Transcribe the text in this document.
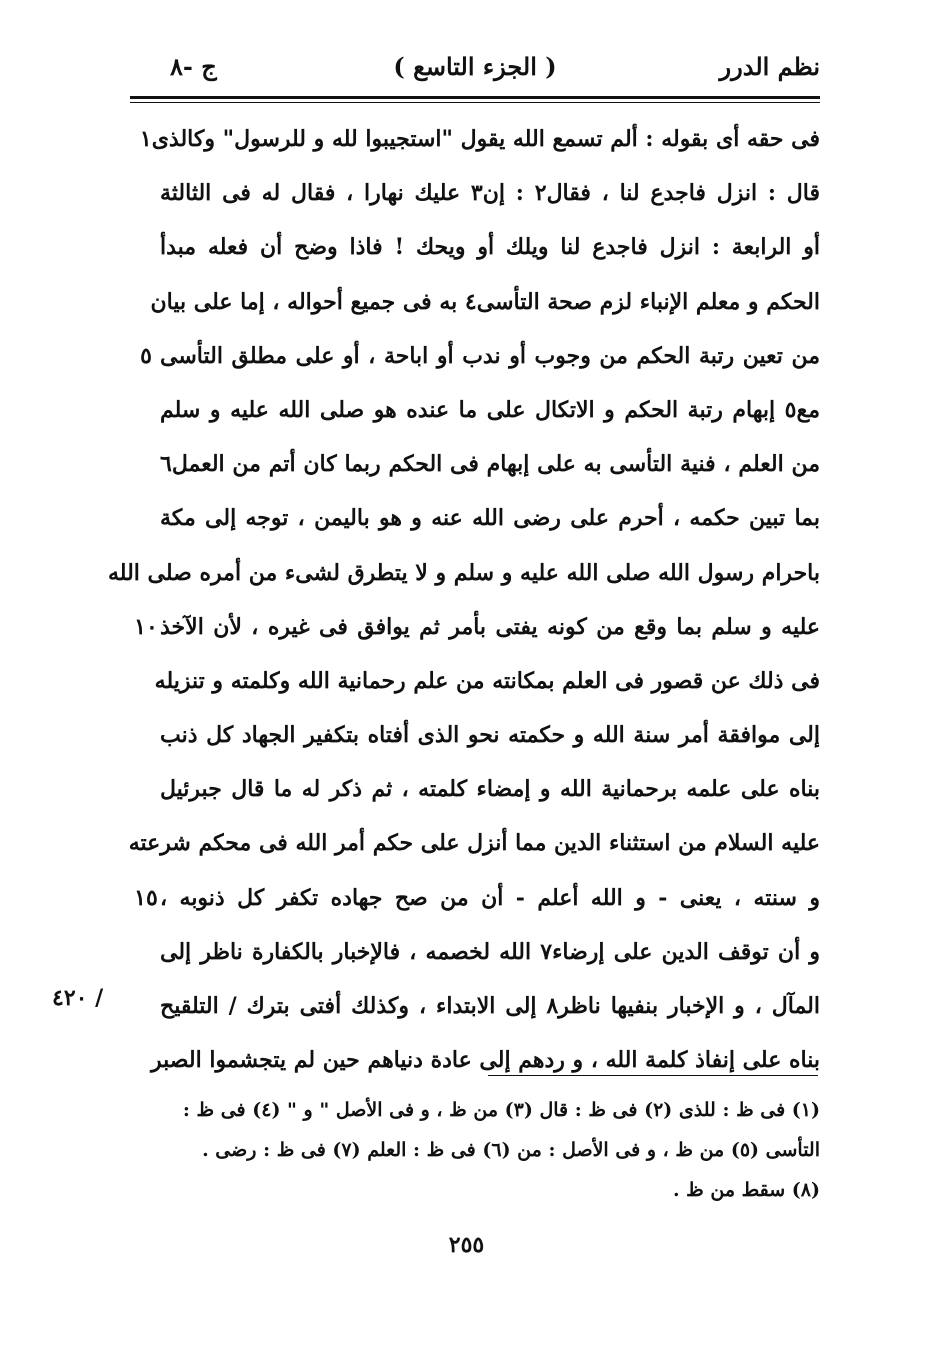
نظم الدرر
( الجزء التاسع )
ج -٨
فى حقه أى بقوله : ألم تسمع الله يقول "استجيبوا لله و للرسول" وكالذى١
قال : انزل فاجدع لنا ، فقال٢ : إن٣ عليك نهارا ، فقال له فى الثالثة
أو الرابعة : انزل فاجدع لنا ويلك أو ويحك ! فاذا وضح أن فعله مبدأ
الحكم و معلم الإنباء لزم صحة التأسى٤ به فى جميع أحواله ، إما على بيان
من تعين رتبة الحكم من وجوب أو ندب أو اباحة ، أو على مطلق التأسى
مع٥ إبهام رتبة الحكم و الاتكال على ما عنده هو صلى الله عليه و سلم
من العلم ، فنية التأسى به على إبهام فى الحكم ربما كان أتم من العمل٦
بما تبين حكمه ، أحرم على رضى الله عنه و هو باليمن ، توجه إلى مكة
باحرام رسول الله صلى الله عليه و سلم و لا يتطرق لشىء من أمره صلى الله
عليه و سلم بما وقع من كونه يفتى بأمر ثم يوافق فى غيره ، لأن الآخذ
فى ذلك عن قصور فى العلم بمكانته من علم رحمانية الله وكلمته و تنزيله
إلى موافقة أمر سنة الله و حكمته نحو الذى أفتاه بتكفير الجهاد كل ذنب
بناه على علمه برحمانية الله و إمضاء كلمته ، ثم ذكر له ما قال جبرئيل
عليه السلام من استثناء الدين مما أنزل على حكم أمر الله فى محكم شرعته
و سنته ، يعنى - و الله أعلم - أن من صح جهاده تكفر كل ذنوبه ،
و أن توقف الدين على إرضاء٧ الله لخصمه ، فالإخبار بالكفارة ناظر إلى
المآل ، و الإخبار بنفيها ناظر٨ إلى الابتداء ، وكذلك أفتى بترك / التلقيح
بناه على إنفاذ كلمة الله ، و ردهم إلى عادة دنياهم حين لم يتجشموا الصبر
٥
١٠
١٥
/ ٤٢٠
(١) فى ظ : للذى (٢) فى ظ : قال (٣) من ظ ، و فى الأصل " و " (٤) فى ظ :
التأسى (٥) من ظ ، و فى الأصل : من (٦) فى ظ : العلم (٧) فى ظ : رضى .
(٨) سقط من ظ .
٢٥٥
